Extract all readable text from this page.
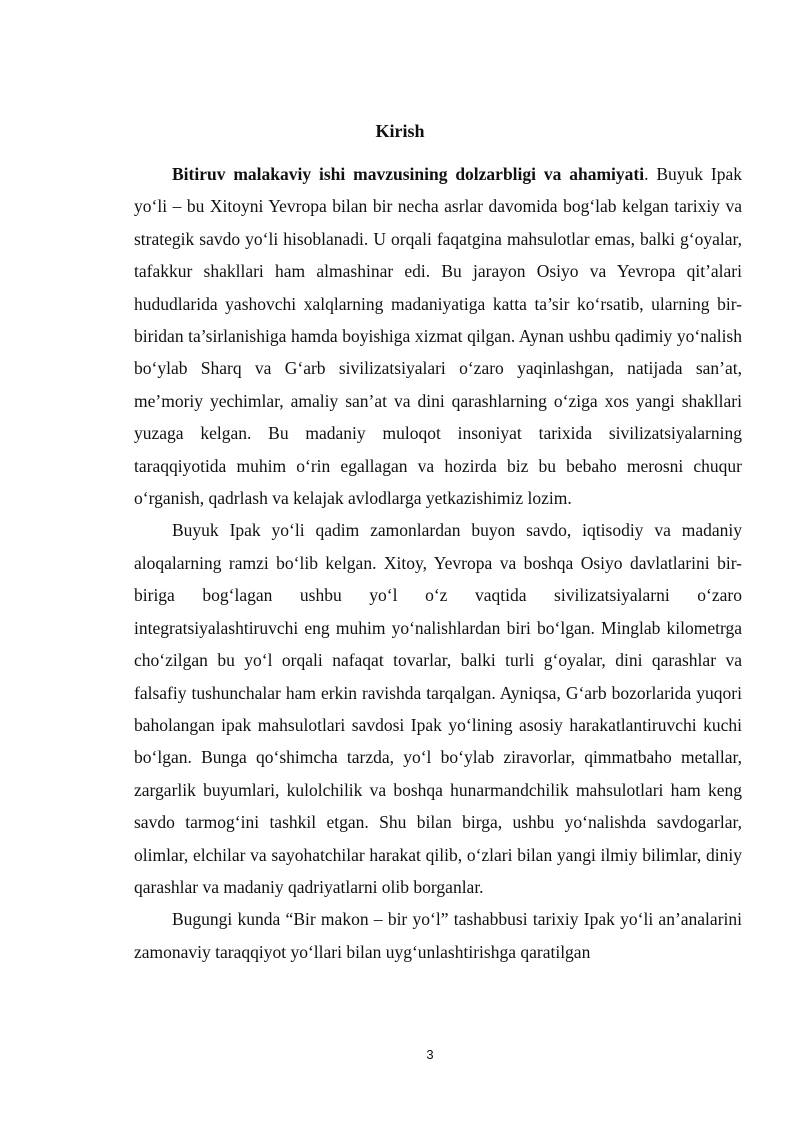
Kirish

Bitiruv malakaviy ishi mavzusining dolzarbligi va ahamiyati. Buyuk Ipak yo‘li – bu Xitoyni Yevropa bilan bir necha asrlar davomida bog‘lab kelgan tarixiy va strategik savdo yo‘li hisoblanadi. U orqali faqatgina mahsulotlar emas, balki g‘oyalar, tafakkur shakllari ham almashinar edi. Bu jarayon Osiyo va Yevropa qit’alari hududlarida yashovchi xalqlarning madaniyatiga katta ta’sir ko‘rsatib, ularning bir-biridan ta’sirlanishiga hamda boyishiga xizmat qilgan. Aynan ushbu qadimiy yo‘nalish bo‘ylab Sharq va G‘arb sivilizatsiyalari o‘zaro yaqinlashgan, natijada san’at, me’moriy yechimlar, amaliy san’at va dini qarashlarning o‘ziga xos yangi shakllari yuzaga kelgan. Bu madaniy muloqot insoniyat tarixida sivilizatsiyalarning taraqqiyotida muhim o‘rin egallagan va hozirda biz bu bebaho merosni chuqur o‘rganish, qadrlash va kelajak avlodlarga yetkazishimiz lozim.

Buyuk Ipak yo‘li qadim zamonlardan buyon savdo, iqtisodiy va madaniy aloqalarning ramzi bo‘lib kelgan. Xitoy, Yevropa va boshqa Osiyo davlatlarini bir-biriga bog‘lagan ushbu yo‘l o‘z vaqtida sivilizatsiyalarni o‘zaro integratsiyalashtiruvchi eng muhim yo‘nalishlardan biri bo‘lgan. Minglab kilometrga cho‘zilgan bu yo‘l orqali nafaqat tovarlar, balki turli g‘oyalar, dini qarashlar va falsafiy tushunchalar ham erkin ravishda tarqalgan. Ayniqsa, G‘arb bozorlarida yuqori baholangan ipak mahsulotlari savdosi Ipak yo‘lining asosiy harakatlantiruvchi kuchi bo‘lgan. Bunga qo‘shimcha tarzda, yo‘l bo‘ylab ziravorlar, qimmatbaho metallar, zargarlik buyumlari, kulolchilik va boshqa hunarmandchilik mahsulotlari ham keng savdo tarmog‘ini tashkil etgan. Shu bilan birga, ushbu yo‘nalishda savdogarlar, olimlar, elchilar va sayohatchilar harakat qilib, o‘zlari bilan yangi ilmiy bilimlar, diniy qarashlar va madaniy qadriyatlarni olib borganlar.

Bugungi kunda “Bir makon – bir yo‘l” tashabbusi tarixiy Ipak yo‘li an’analarini zamonaviy taraqqiyot yo‘llari bilan uyg‘unlashtirishga qaratilgan

3
